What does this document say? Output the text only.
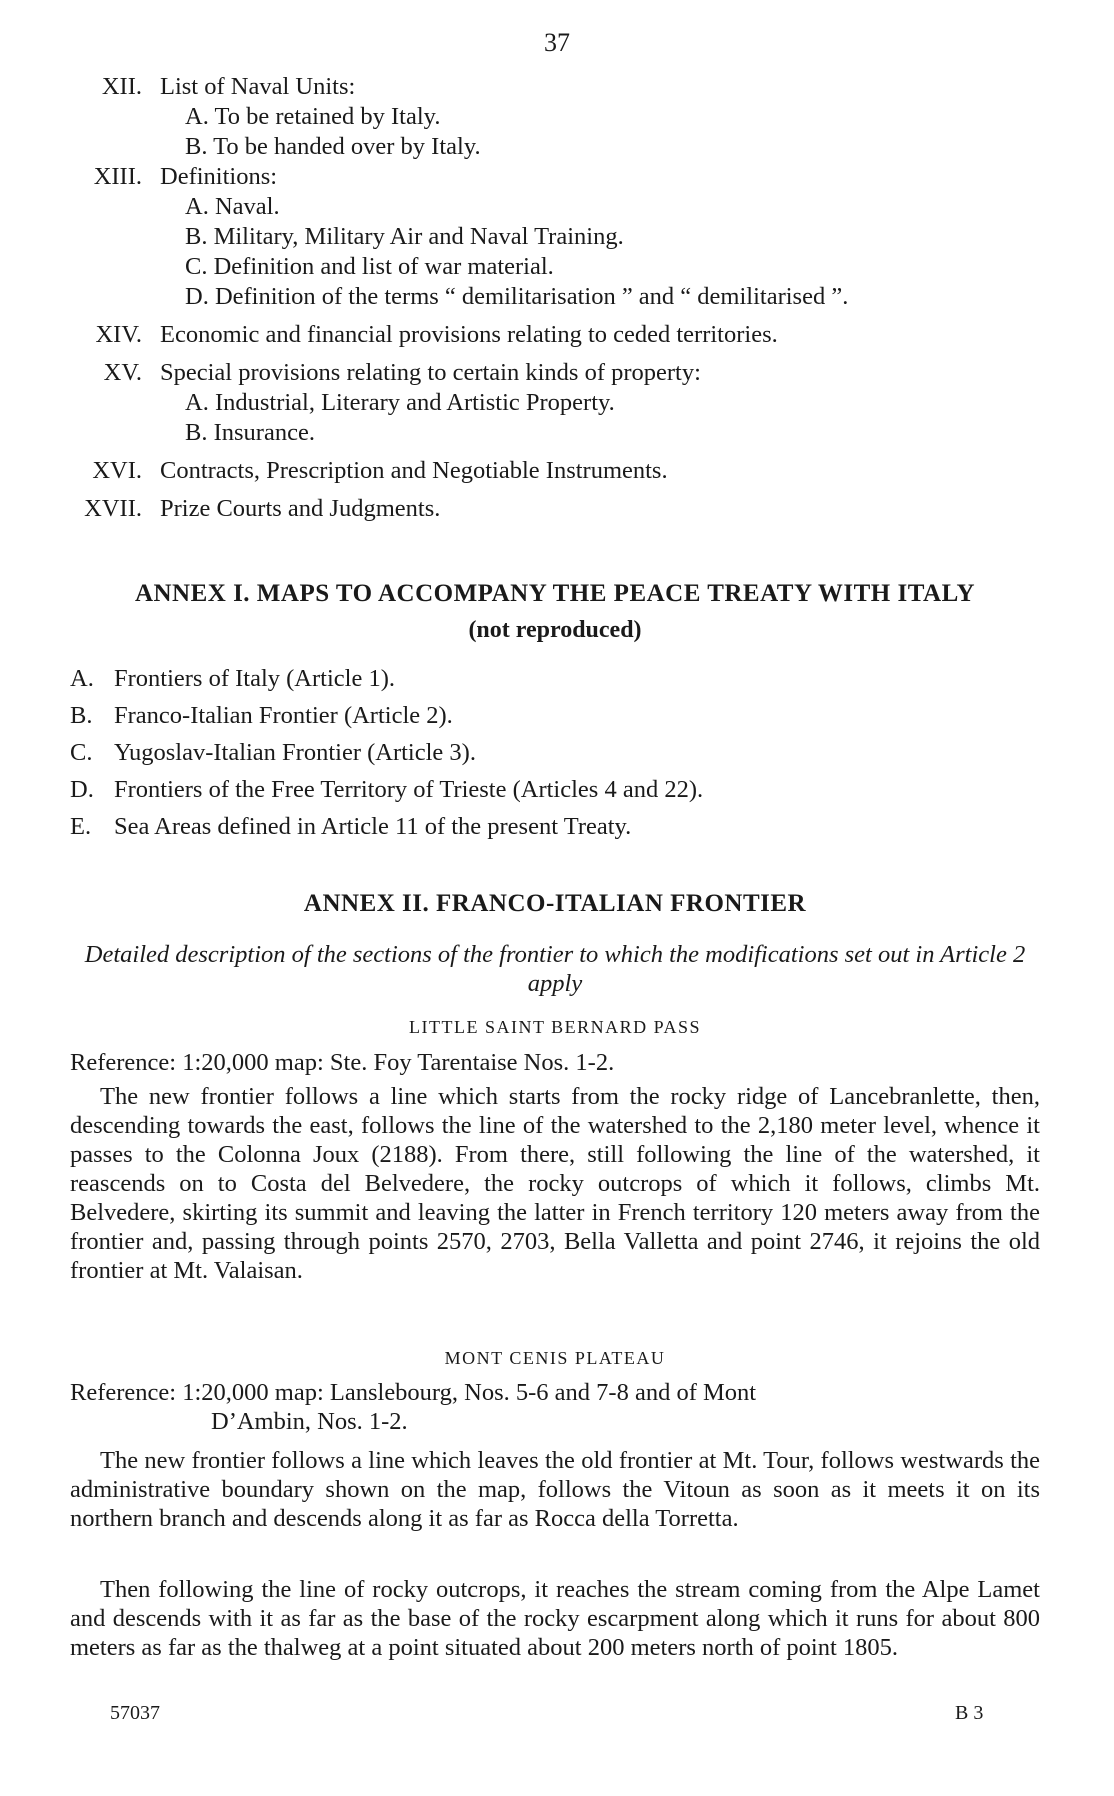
37
XII. List of Naval Units:
A. To be retained by Italy.
B. To be handed over by Italy.
XIII. Definitions:
A. Naval.
B. Military, Military Air and Naval Training.
C. Definition and list of war material.
D. Definition of the terms “ demilitarisation ” and “ demilitarised ”.
XIV. Economic and financial provisions relating to ceded territories.
XV. Special provisions relating to certain kinds of property:
A. Industrial, Literary and Artistic Property.
B. Insurance.
XVI. Contracts, Prescription and Negotiable Instruments.
XVII. Prize Courts and Judgments.
ANNEX I. MAPS TO ACCOMPANY THE PEACE TREATY WITH ITALY
(not reproduced)
A. Frontiers of Italy (Article 1).
B. Franco-Italian Frontier (Article 2).
C. Yugoslav-Italian Frontier (Article 3).
D. Frontiers of the Free Territory of Trieste (Articles 4 and 22).
E. Sea Areas defined in Article 11 of the present Treaty.
ANNEX II. FRANCO-ITALIAN FRONTIER
Detailed description of the sections of the frontier to which the modifications set out in Article 2 apply
LITTLE SAINT BERNARD PASS
Reference: 1:20,000 map: Ste. Foy Tarentaise Nos. 1-2.

The new frontier follows a line which starts from the rocky ridge of Lancebranlette, then, descending towards the east, follows the line of the watershed to the 2,180 meter level, whence it passes to the Colonna Joux (2188). From there, still following the line of the watershed, it reascends on to Costa del Belvedere, the rocky outcrops of which it follows, climbs Mt. Belvedere, skirting its summit and leaving the latter in French territory 120 meters away from the frontier and, passing through points 2570, 2703, Bella Valletta and point 2746, it rejoins the old frontier at Mt. Valaisan.

MONT CENIS PLATEAU
Reference: 1:20,000 map: Lanslebourg, Nos. 5-6 and 7-8 and of Mont
D’Ambin, Nos. 1-2.

The new frontier follows a line which leaves the old frontier at Mt. Tour, follows westwards the administrative boundary shown on the map, follows the Vitoun as soon as it meets it on its northern branch and descends along it as far as Rocca della Torretta.

Then following the line of rocky outcrops, it reaches the stream coming from the Alpe Lamet and descends with it as far as the base of the rocky escarpment along which it runs for about 800 meters as far as the thalweg at a point situated about 200 meters north of point 1805.

57037	B 3
